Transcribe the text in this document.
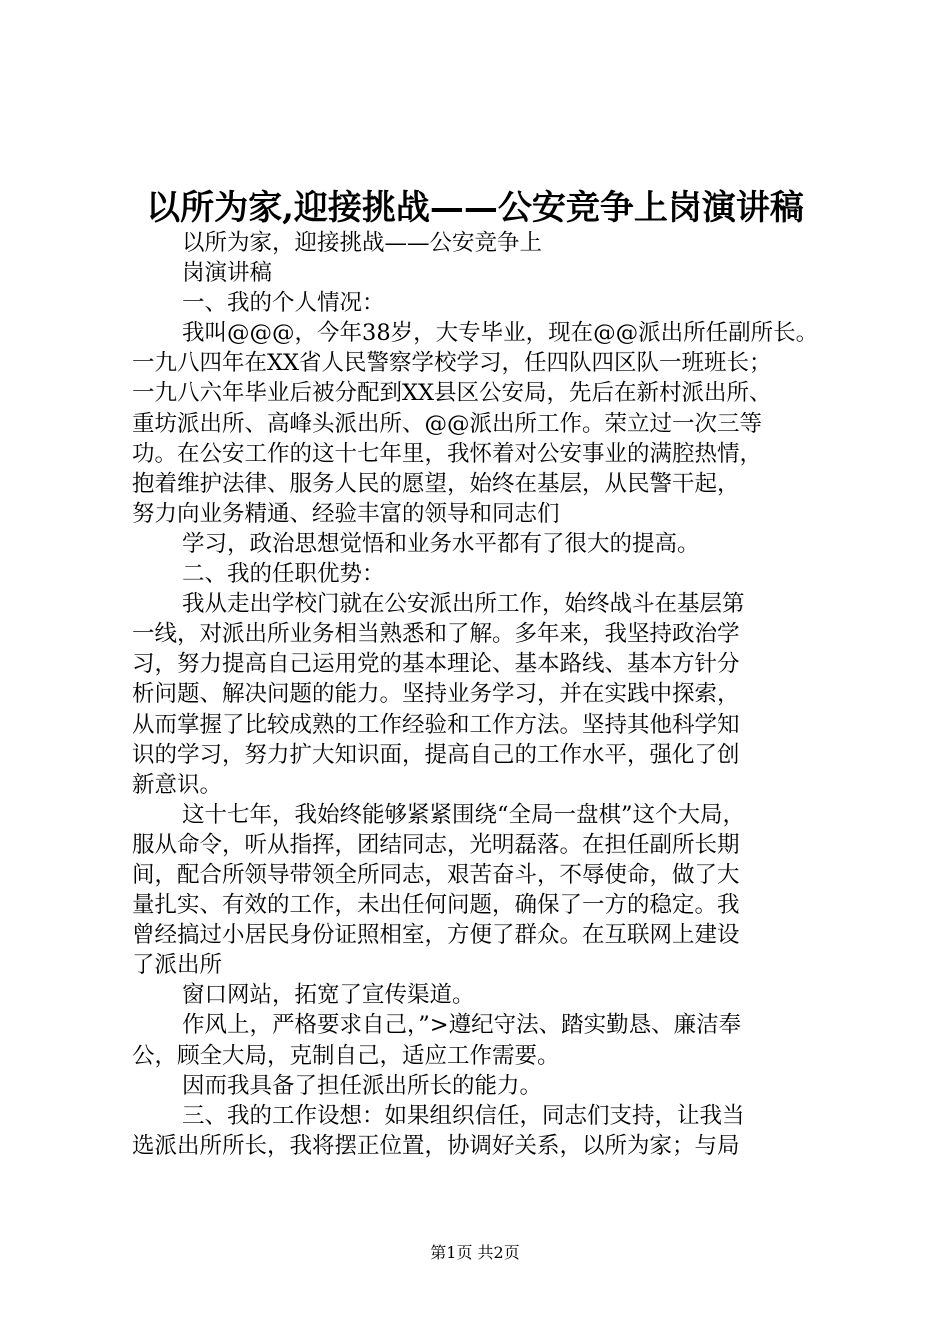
以所为家,迎接挑战——公安竞争上岗演讲稿
以所为家，迎接挑战——公安竞争上
岗演讲稿
一、我的个人情况：
我叫@@@，今年38岁，大专毕业，现在@@派出所任副所长。
一九八四年在XX省人民警察学校学习，任四队四区队一班班长；
一九八六年毕业后被分配到XX县区公安局，先后在新村派出所、
重坊派出所、高峰头派出所、@@派出所工作。荣立过一次三等
功。在公安工作的这十七年里，我怀着对公安事业的满腔热情，
抱着维护法律、服务人民的愿望，始终在基层，从民警干起，
努力向业务精通、经验丰富的领导和同志们
学习，政治思想觉悟和业务水平都有了很大的提高。
二、我的任职优势：
我从走出学校门就在公安派出所工作，始终战斗在基层第
一线，对派出所业务相当熟悉和了解。多年来，我坚持政治学
习，努力提高自己运用党的基本理论、基本路线、基本方针分
析问题、解决问题的能力。坚持业务学习，并在实践中探索，
从而掌握了比较成熟的工作经验和工作方法。坚持其他科学知
识的学习，努力扩大知识面，提高自己的工作水平，强化了创
新意识。
这十七年，我始终能够紧紧围绕“全局一盘棋”这个大局，
服从命令，听从指挥，团结同志，光明磊落。在担任副所长期
间，配合所领导带领全所同志，艰苦奋斗，不辱使命，做了大
量扎实、有效的工作，未出任何问题，确保了一方的稳定。我
曾经搞过小居民身份证照相室，方便了群众。在互联网上建设
了派出所
窗口网站，拓宽了宣传渠道。
作风上，严格要求自己，”>遵纪守法、踏实勤恳、廉洁奉
公，顾全大局，克制自己，适应工作需要。
因而我具备了担任派出所长的能力。
三、我的工作设想：如果组织信任，同志们支持，让我当
选派出所所长，我将摆正位置，协调好关系，以所为家；与局
第1页 共2页
